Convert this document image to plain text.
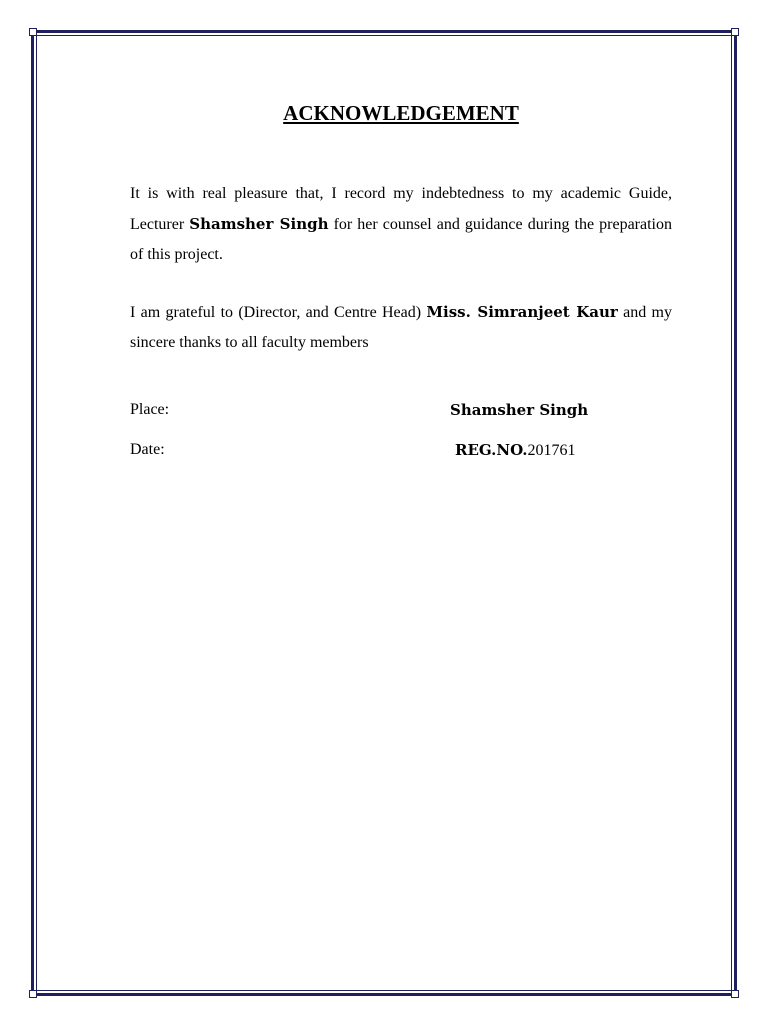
ACKNOWLEDGEMENT

It is with real pleasure that, I record my indebtedness to my academic Guide, Lecturer Shamsher Singh for her counsel and guidance during the preparation of this project.

I am grateful to (Director, and Centre Head) Miss. Simranjeet Kaur and my sincere thanks to all faculty members

Place:	Shamsher Singh
Date:	REG.NO.201761
